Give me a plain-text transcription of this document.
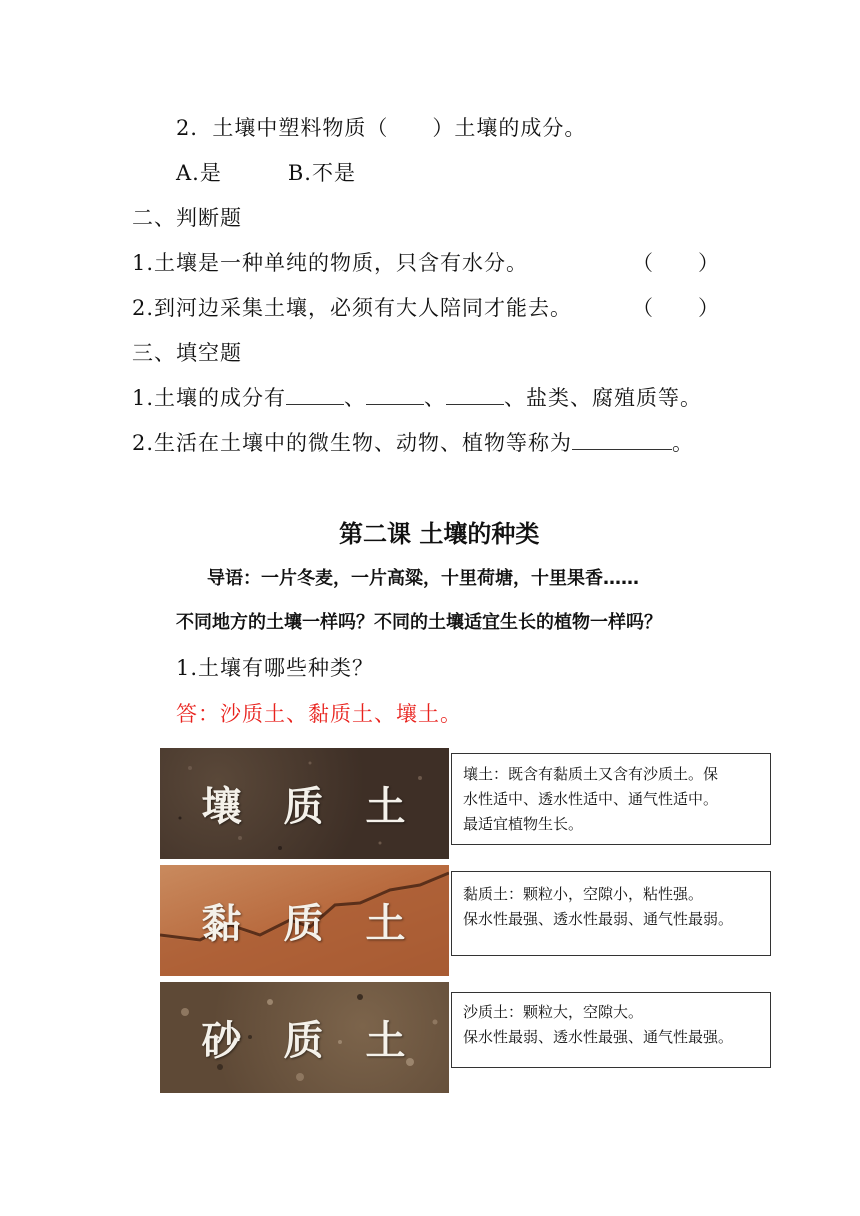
2．土壤中塑料物质（　　）土壤的成分。
A.是　　　B.不是
二、判断题
1.土壤是一种单纯的物质，只含有水分。	（　　）
2.到河边采集土壤，必须有大人陪同才能去。	（　　）
三、填空题
1.土壤的成分有	、	、	、盐类、腐殖质等。
2.生活在土壤中的微生物、动物、植物等称为	。
第二课 土壤的种类
导语：一片冬麦，一片高粱，十里荷塘，十里果香……
不同地方的土壤一样吗？不同的土壤适宜生长的植物一样吗？
1.土壤有哪些种类？
答：沙质土、黏质土、壤土。
壤质土
黏质土
砂质土
壤土：既含有黏质土又含有沙质土。保
水性适中、透水性适中、通气性适中。
最适宜植物生长。
黏质土：颗粒小，空隙小，粘性强。
保水性最强、透水性最弱、通气性最弱。
沙质土：颗粒大，空隙大。
保水性最弱、透水性最强、通气性最强。
